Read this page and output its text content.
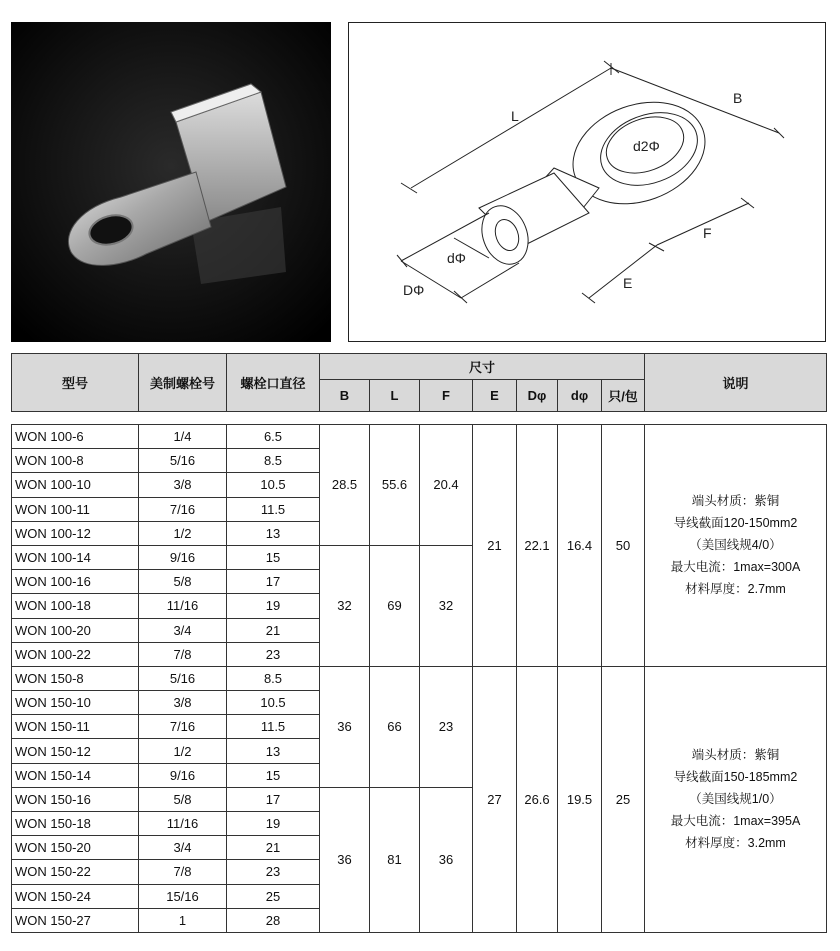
L
B
d2Φ
F
dΦ
DΦ	E
型号	美制螺栓号	螺栓口直径	尺寸							说明
			B	L	F	E	Dφ	dφ	只/包	

WON 100-6	1/4	6.5	28.5	55.6	20.4	21	22.1	16.4	50	端头材质：紫铜
导线截面120-150mm2
（美国线规4/0）
最大电流：1max=300A
材料厚度：2.7mm

WON 100-8	5/16	8.5								
WON 100-10	3/8	10.5								
WON 100-11	7/16	11.5								
WON 100-12	1/2	13								
WON 100-14	9/16	15	32	69	32					
WON 100-16	5/8	17								
WON 100-18	11/16	19								
WON 100-20	3/4	21								
WON 100-22	7/8	23								
WON 150-8	5/16	8.5	36	66	23	27	26.6	19.5	25	端头材质：紫铜
导线截面150-185mm2
（美国线规1/0）
最大电流：1max=395A
材料厚度：3.2mm

WON 150-10	3/8	10.5								
WON 150-11	7/16	11.5								
WON 150-12	1/2	13								
WON 150-14	9/16	15								
WON 150-16	5/8	17	36	81	36					
WON 150-18	11/16	19								
WON 150-20	3/4	21								
WON 150-22	7/8	23								
WON 150-24	15/16	25								
WON 150-27	1	28								
